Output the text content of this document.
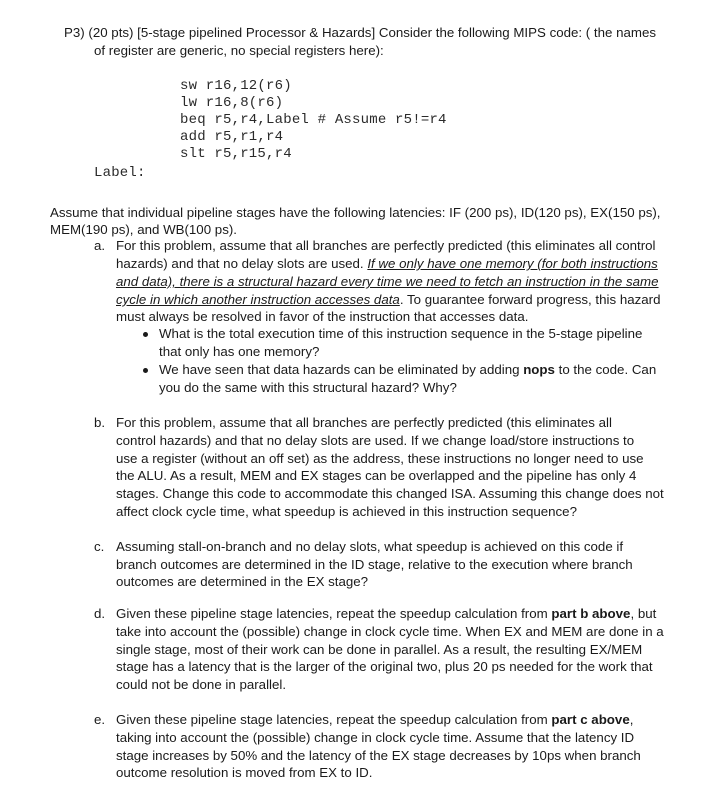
P3) (20 pts) [5-stage pipelined Processor & Hazards] Consider the following MIPS code: ( the names
of register are generic, no special registers here):
sw r16,12(r6)
lw r16,8(r6)
beq r5,r4,Label # Assume r5!=r4
add r5,r1,r4
slt r5,r15,r4
Label:
Assume that individual pipeline stages have the following latencies: IF (200 ps), ID(120 ps), EX(150 ps),
MEM(190 ps), and WB(100 ps).
a. For this problem, assume that all branches are perfectly predicted (this eliminates all control
hazards) and that no delay slots are used. If we only have one memory (for both instructions
and data), there is a structural hazard every time we need to fetch an instruction in the same
cycle in which another instruction accesses data. To guarantee forward progress, this hazard
must always be resolved in favor of the instruction that accesses data.
What is the total execution time of this instruction sequence in the 5-stage pipeline
that only has one memory?
We have seen that data hazards can be eliminated by adding nops to the code. Can
you do the same with this structural hazard? Why?
b. For this problem, assume that all branches are perfectly predicted (this eliminates all
control hazards) and that no delay slots are used. If we change load/store instructions to
use a register (without an off set) as the address, these instructions no longer need to use
the ALU. As a result, MEM and EX stages can be overlapped and the pipeline has only 4
stages. Change this code to accommodate this changed ISA. Assuming this change does not
affect clock cycle time, what speedup is achieved in this instruction sequence?
c. Assuming stall-on-branch and no delay slots, what speedup is achieved on this code if
branch outcomes are determined in the ID stage, relative to the execution where branch
outcomes are determined in the EX stage?
d. Given these pipeline stage latencies, repeat the speedup calculation from part b above, but
take into account the (possible) change in clock cycle time. When EX and MEM are done in a
single stage, most of their work can be done in parallel. As a result, the resulting EX/MEM
stage has a latency that is the larger of the original two, plus 20 ps needed for the work that
could not be done in parallel.
e. Given these pipeline stage latencies, repeat the speedup calculation from part c above,
taking into account the (possible) change in clock cycle time. Assume that the latency ID
stage increases by 50% and the latency of the EX stage decreases by 10ps when branch
outcome resolution is moved from EX to ID.
